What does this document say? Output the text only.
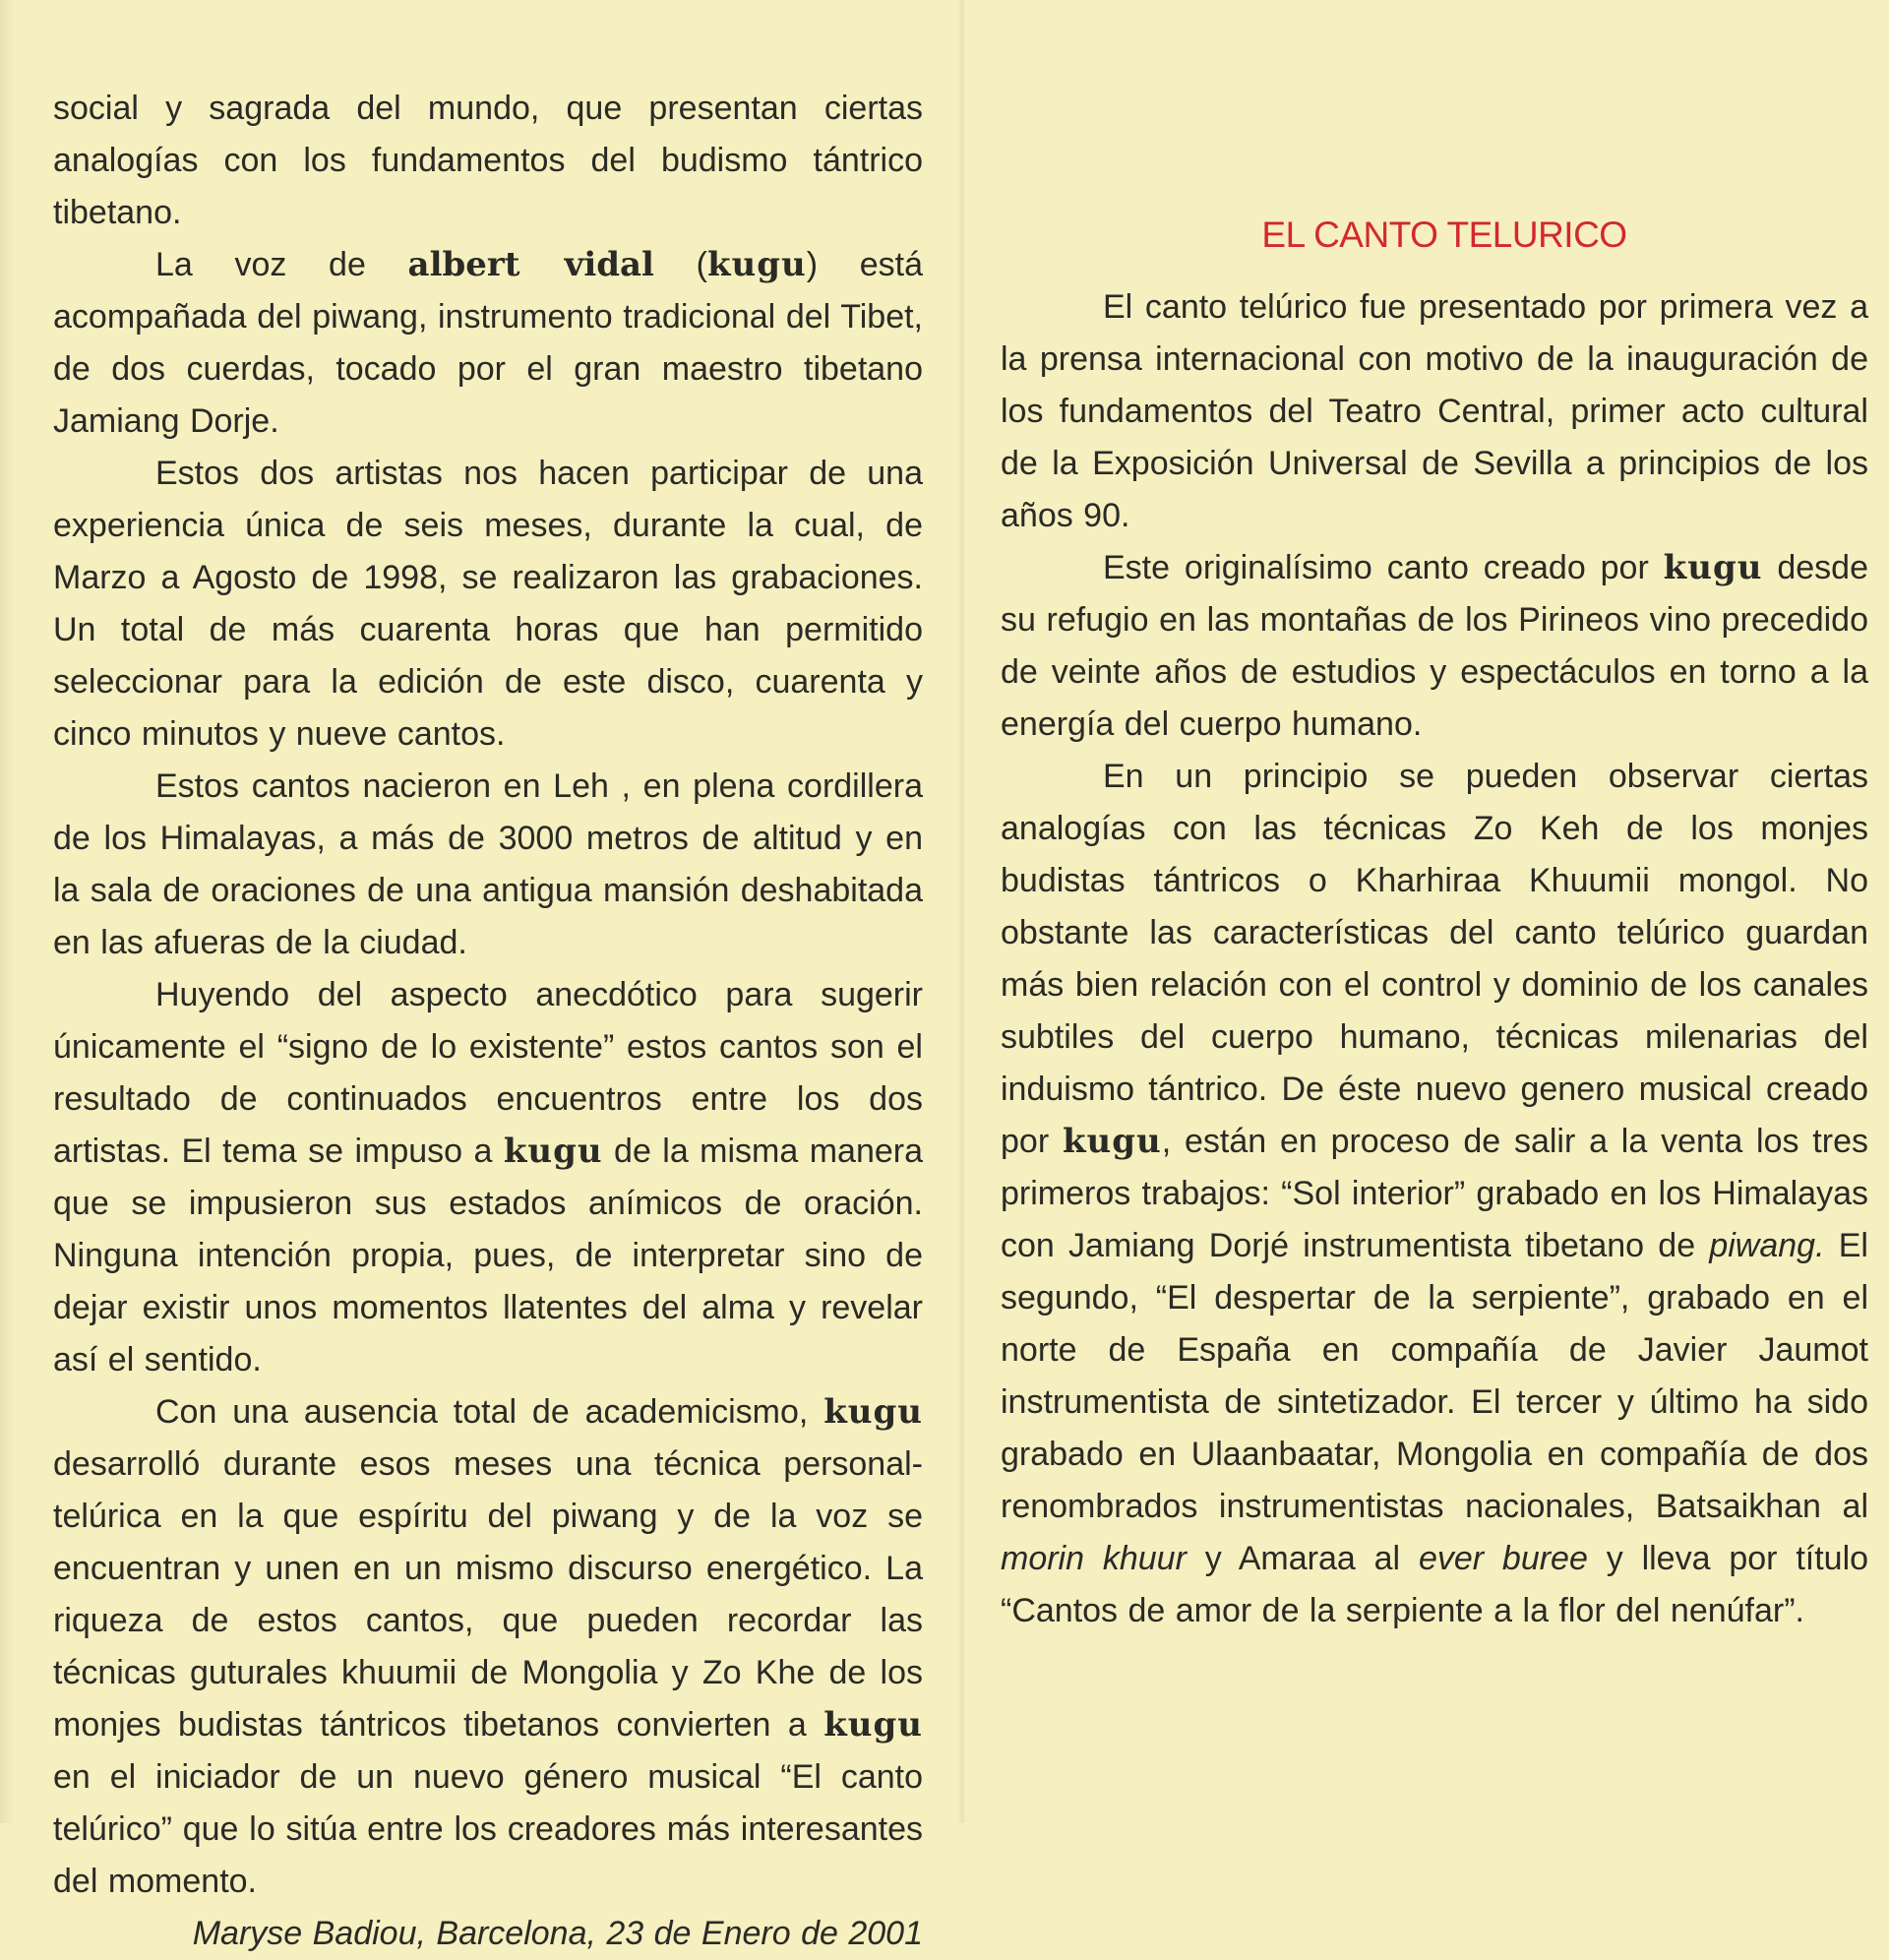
social y sagrada del mundo, que presentan ciertas analogías con los fundamentos del budismo tántrico tibetano.

La voz de albert vidal (kugu) está acompañada del piwang, instrumento tradicional del Tibet, de dos cuerdas, tocado por el gran maestro tibetano Jamiang Dorje.

Estos dos artistas nos hacen participar de una experiencia única de seis meses, durante la cual, de Marzo a Agosto de 1998, se realizaron las grabaciones. Un total de más cuarenta horas que han permitido seleccionar para la edición de este disco, cuarenta y cinco minutos y nueve cantos.

Estos cantos nacieron en Leh , en plena cordillera de los Himalayas, a más de 3000 metros de altitud y en la sala de oraciones de una antigua mansión deshabitada en las afueras de la ciudad.

Huyendo del aspecto anecdótico para sugerir únicamente el “signo de lo existente” estos cantos son el resultado de continuados encuentros entre los dos artistas. El tema se impuso a kugu de la misma manera que se impusieron sus estados anímicos de oración. Ninguna intención propia, pues, de interpretar sino de dejar existir unos momentos llatentes del alma y revelar así el sentido.

Con una ausencia total de academicismo, kugu desarrolló durante esos meses una técnica personal-telúrica en la que espíritu del piwang y de la voz se encuentran y unen en un mismo discurso energético. La riqueza de estos cantos, que pueden recordar las técnicas guturales khuumii de Mongolia y Zo Khe de los monjes budistas tántricos tibetanos convierten a kugu en el iniciador de un nuevo género musical “El canto telúrico” que lo sitúa entre los creadores más interesantes del momento.

Maryse Badiou, Barcelona, 23 de Enero de 2001

EL CANTO TELURICO

El canto telúrico fue presentado por primera vez a la prensa internacional con motivo de la inauguración de los fundamentos del Teatro Central, primer acto cultural de la Exposición Universal de Sevilla a principios de los años 90.

Este originalísimo canto creado por kugu desde su refugio en las montañas de los Pirineos vino precedido de veinte años de estudios y espectáculos en torno a la energía del cuerpo humano.

En un principio se pueden observar ciertas analogías con las técnicas Zo Keh de los monjes budistas tántricos o Kharhiraa Khuumii mongol. No obstante las características del canto telúrico guardan más bien relación con el control y dominio de los canales subtiles del cuerpo humano, técnicas milenarias del induismo tántrico. De éste nuevo genero musical creado por kugu, están en proceso de salir a la venta los tres primeros trabajos: “Sol interior” grabado en los Himalayas con Jamiang Dorjé instrumentista tibetano de piwang. El segundo, “El despertar de la serpiente”, grabado en el norte de España en compañía de Javier Jaumot instrumentista de sintetizador. El tercer y último ha sido grabado en Ulaanbaatar, Mongolia en compañía de dos renombrados instrumentistas nacionales, Batsaikhan al morin khuur y Amaraa al ever buree y lleva por título “Cantos de amor de la serpiente a la flor del nenúfar”.
